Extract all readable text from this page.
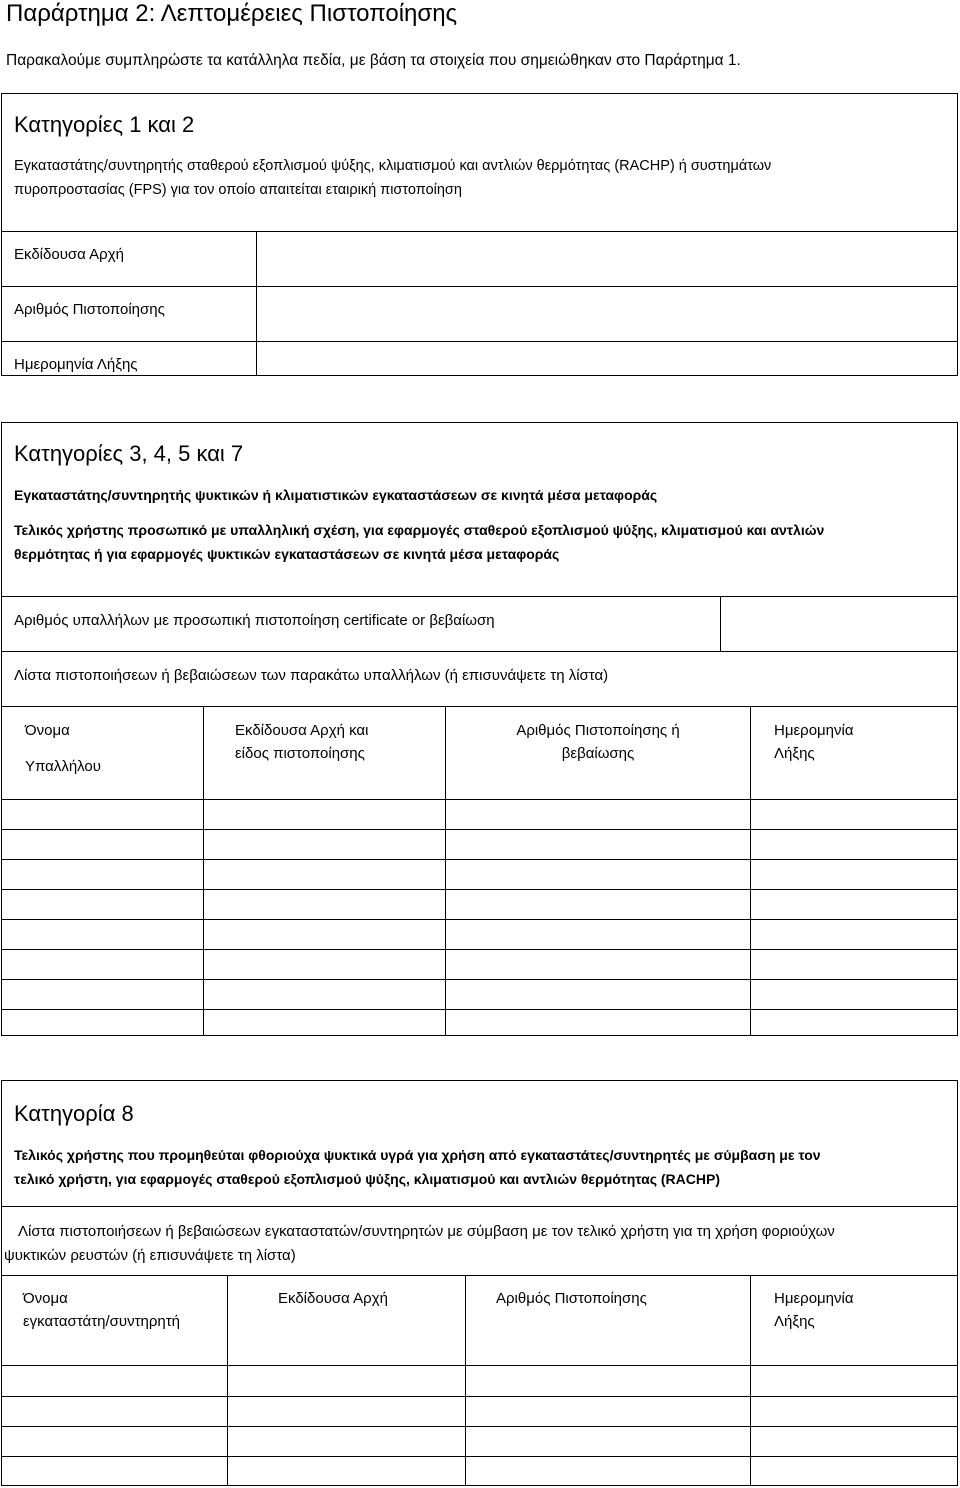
Παράρτημα 2: Λεπτομέρειες Πιστοποίησης
Παρακαλούμε συμπληρώστε τα κατάλληλα πεδία, με βάση τα στοιχεία που σημειώθηκαν στο Παράρτημα 1.
Κατηγορίες 1 και 2
Εγκαταστάτης/συντηρητής σταθερού εξοπλισμού ψύξης, κλιματισμού και αντλιών θερμότητας (RACHP) ή συστημάτων
πυροπροστασίας (FPS) για τον οποίο απαιτείται εταιρική πιστοποίηση
Εκδίδουσα Αρχή
Αριθμός Πιστοποίησης
Ημερομηνία Λήξης
Κατηγορίες 3, 4, 5 και 7
Εγκαταστάτης/συντηρητής ψυκτικών ή κλιματιστικών εγκαταστάσεων σε κινητά μέσα μεταφοράς
Τελικός χρήστης προσωπικό με υπαλληλική σχέση, για εφαρμογές σταθερού εξοπλισμού ψύξης, κλιματισμού και αντλιών
θερμότητας ή για εφαρμογές ψυκτικών εγκαταστάσεων σε κινητά μέσα μεταφοράς
Αριθμός υπαλλήλων με προσωπική πιστοποίηση certificate or βεβαίωση
Λίστα πιστοποιήσεων ή βεβαιώσεων των παρακάτω υπαλλήλων (ή επισυνάψετε τη λίστα)
Όνομα
Υπαλλήλου
Εκδίδουσα Αρχή και
είδος πιστοποίησης
Αριθμός Πιστοποίησης ή
βεβαίωσης
Ημερομηνία
Λήξης
Κατηγορία 8
Τελικός χρήστης που προμηθεύται φθοριούχα ψυκτικά υγρά για χρήση από εγκαταστάτες/συντηρητές με σύμβαση με τον
τελικό χρήστη, για εφαρμογές σταθερού εξοπλισμού ψύξης, κλιματισμού και αντλιών θερμότητας (RACHP)
Λίστα πιστοποιήσεων ή βεβαιώσεων εγκαταστατών/συντηρητών με σύμβαση με τον τελικό χρήστη για τη χρήση φοριούχων
ψυκτικών ρευστών (ή επισυνάψετε τη λίστα)
Όνομα
εγκαταστάτη/συντηρητή
Εκδίδουσα Αρχή	Αριθμός Πιστοποίησης	Ημερομηνία
Λήξης
